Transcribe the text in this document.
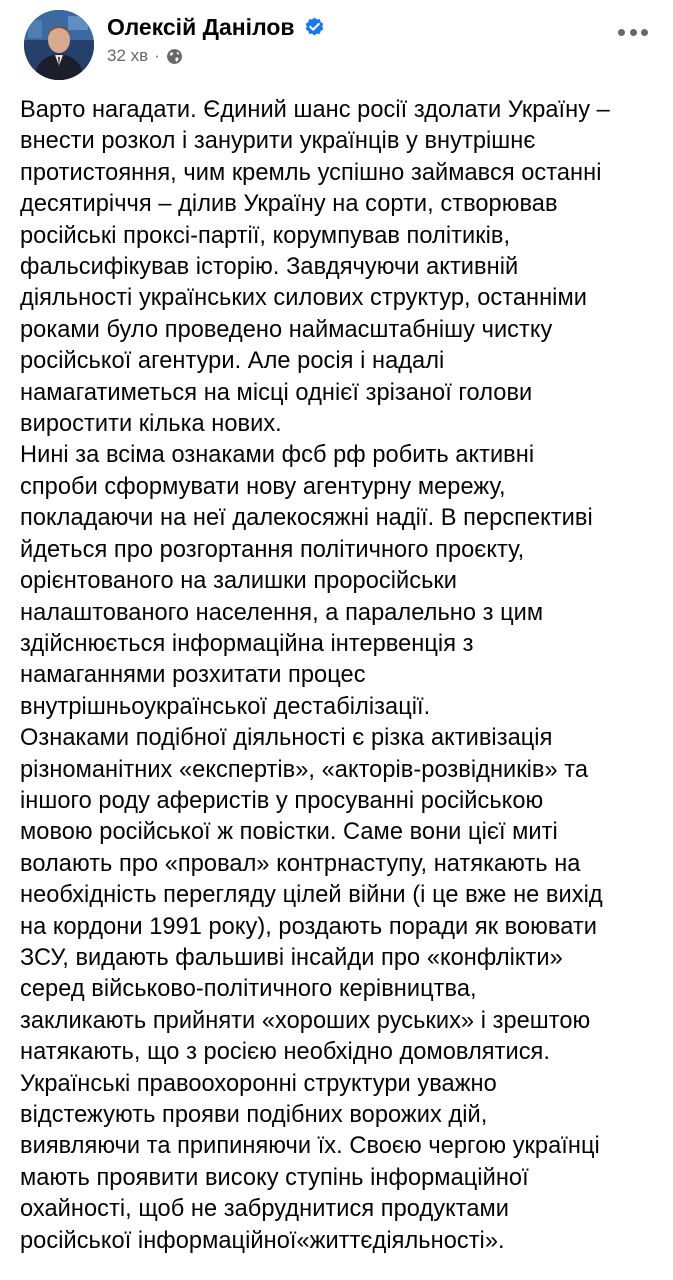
Олексій Данілов
32 хв ·

Варто нагадати. Єдиний шанс росії здолати Україну –

внести розкол і занурити українців у внутрішнє

протистояння, чим кремль успішно займався останні

десятиріччя – ділив Україну на сорти, створював

російські проксі-партії, корумпував політиків,

фальсифікував історію. Завдячуючи активній

діяльності українських силових структур, останніми

роками було проведено наймасштабнішу чистку

російської агентури. Але росія і надалі

намагатиметься на місці однієї зрізаної голови

виростити кілька нових.

Нині за всіма ознаками фсб рф робить активні

спроби сформувати нову агентурну мережу,

покладаючи на неї далекосяжні надії. В перспективі

йдеться про розгортання політичного проєкту,

орієнтованого на залишки проросійськи

налаштованого населення, а паралельно з цим

здійснюється інформаційна інтервенція з

намаганнями розхитати процес

внутрішньоукраїнської дестабілізації.

Ознаками подібної діяльності є різка активізація

різноманітних «експертів», «акторів-розвідників» та

іншого роду аферистів у просуванні російською

мовою російської ж повістки. Саме вони цієї миті

волають про «провал» контрнаступу, натякають на

необхідність перегляду цілей війни (і це вже не вихід

на кордони 1991 року), роздають поради як воювати

ЗСУ, видають фальшиві інсайди про «конфлікти»

серед військово-політичного керівництва,

закликають прийняти «хороших руських» і зрештою

натякають, що з росією необхідно домовлятися.

Українські правоохоронні структури уважно

відстежують прояви подібних ворожих дій,

виявляючи та припиняючи їх. Своєю чергою українці

мають проявити високу ступінь інформаційної

охайності, щоб не забруднитися продуктами

російської інформаційної«життєдіяльності».
